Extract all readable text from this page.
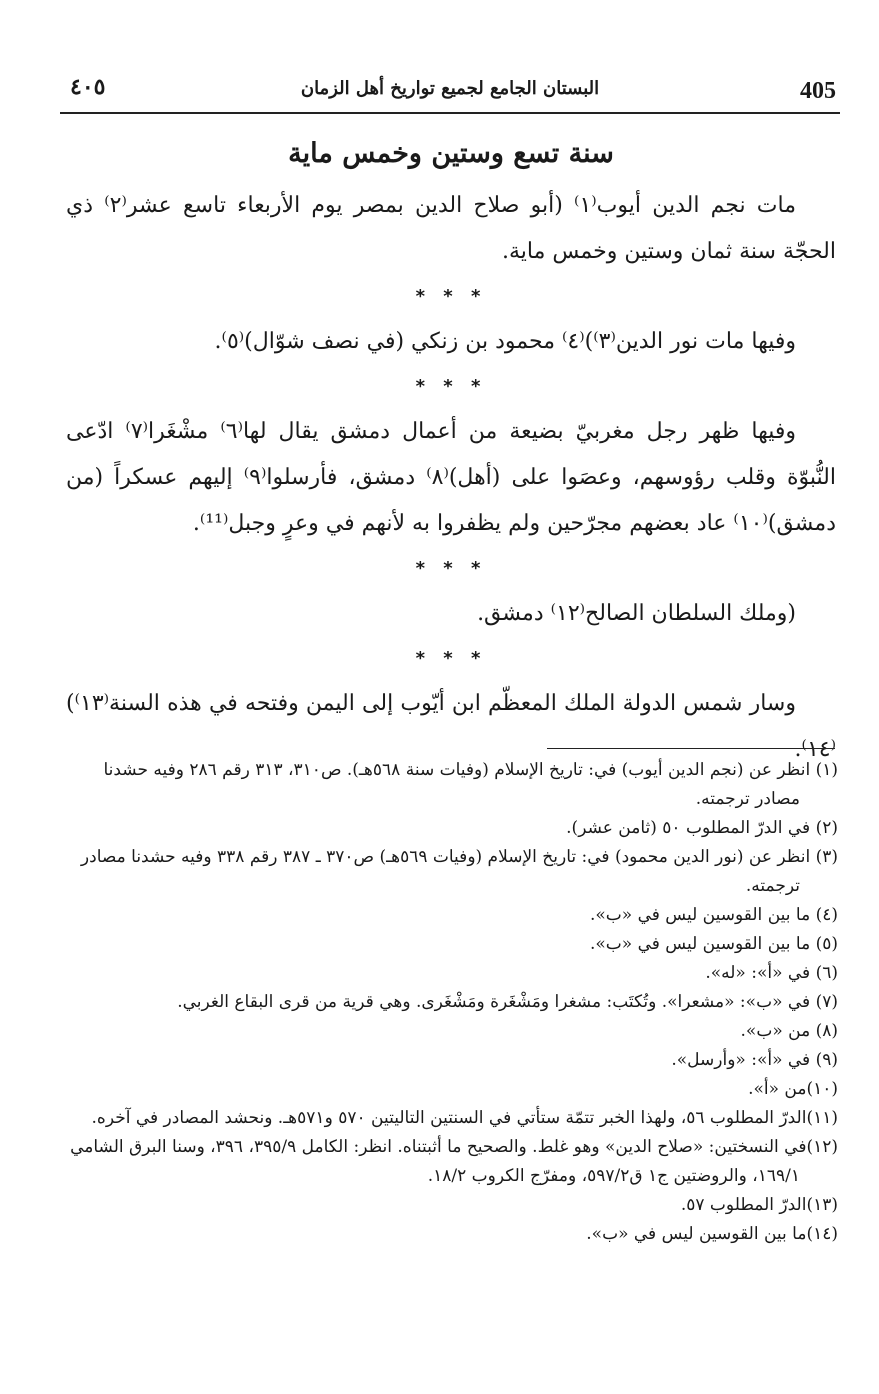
405
البستان الجامع لجميع تواريخ أهل الزمان
٤٠٥
سنة تسع وستين وخمس ماية

مات نجم الدين أيوب⁽١⁾ (أبو صلاح الدين بمصر يوم الأربعاء تاسع عشر⁽٢⁾ ذي الحجّة سنة ثمان وستين وخمس ماية.

* * *

وفيها مات نور الدين⁽٣⁾)⁽٤⁾ محمود بن زنكي (في نصف شوّال)⁽٥⁾.

* * *

وفيها ظهر رجل مغربيّ بضيعة من أعمال دمشق يقال لها⁽٦⁾ مشْغَرا⁽٧⁾ ادّعى النُّبوّة وقلب رؤوسهم، وعصَوا على (أهل)⁽٨⁾ دمشق، فأرسلوا⁽٩⁾ إليهم عسكراً (من دمشق)⁽١٠⁾ عاد بعضهم مجرّحين ولم يظفروا به لأنهم في وعرٍ وجبل⁽¹¹⁾.

* * *

(وملك السلطان الصالح⁽١٢⁾ دمشق.

* * *

وسار شمس الدولة الملك المعظّم ابن أيّوب إلى اليمن وفتحه في هذه السنة⁽١٣⁾)⁽١٤⁾.

(١) انظر عن (نجم الدين أيوب) في: تاريخ الإسلام (وفيات سنة ٥٦٨هـ). ص٣١٠، ٣١٣ رقم ٢٨٦ وفيه حشدنا مصادر ترجمته.

(٢) في الدرّ المطلوب ٥٠ (ثامن عشر).

(٣) انظر عن (نور الدين محمود) في: تاريخ الإسلام (وفيات ٥٦٩هـ) ص٣٧٠ ـ ٣٨٧ رقم ٣٣٨ وفيه حشدنا مصادر ترجمته.

(٤) ما بين القوسين ليس في «ب».

(٥) ما بين القوسين ليس في «ب».

(٦) في «أ»: «له».

(٧) في «ب»: «مشعرا». وتُكتَب: مشغرا ومَشْغَرة ومَشْغَرى. وهي قرية من قرى البقاع الغربي.

(٨) من «ب».

(٩) في «أ»: «وأرسل».

(١٠)من «أ».

(١١)الدرّ المطلوب ٥٦، ولهذا الخبر تتمّة ستأتي في السنتين التاليتين ٥٧٠ و٥٧١هـ. ونحشد المصادر في آخره.

(١٢)في النسختين: «صلاح الدين» وهو غلط. والصحيح ما أثبتناه. انظر: الكامل ٣٩٥/٩، ٣٩٦، وسنا البرق الشامي ١٦٩/١، والروضتين ج١ ق٥٩٧/٢، ومفرّج الكروب ١٨/٢.

(١٣)الدرّ المطلوب ٥٧.

(١٤)ما بين القوسين ليس في «ب».
